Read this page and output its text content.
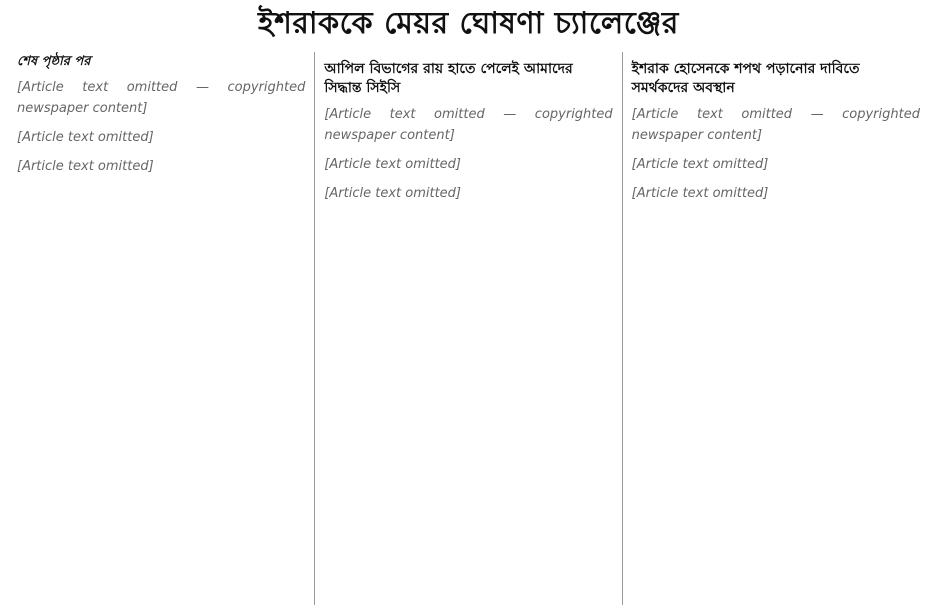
ইশরাককে মেয়র ঘোষণা চ্যালেঞ্জের
শেষ পৃষ্ঠার পর

[Article text omitted — copyrighted newspaper content]

[Article text omitted]

[Article text omitted]

আপিল বিভাগের রায় হাতে পেলেই আমাদের সিদ্ধান্ত সিইসি

[Article text omitted — copyrighted newspaper content]

[Article text omitted]

[Article text omitted]

ইশরাক হোসেনকে শপথ পড়ানোর দাবিতে সমর্থকদের অবস্থান

[Article text omitted — copyrighted newspaper content]

[Article text omitted]

[Article text omitted]
